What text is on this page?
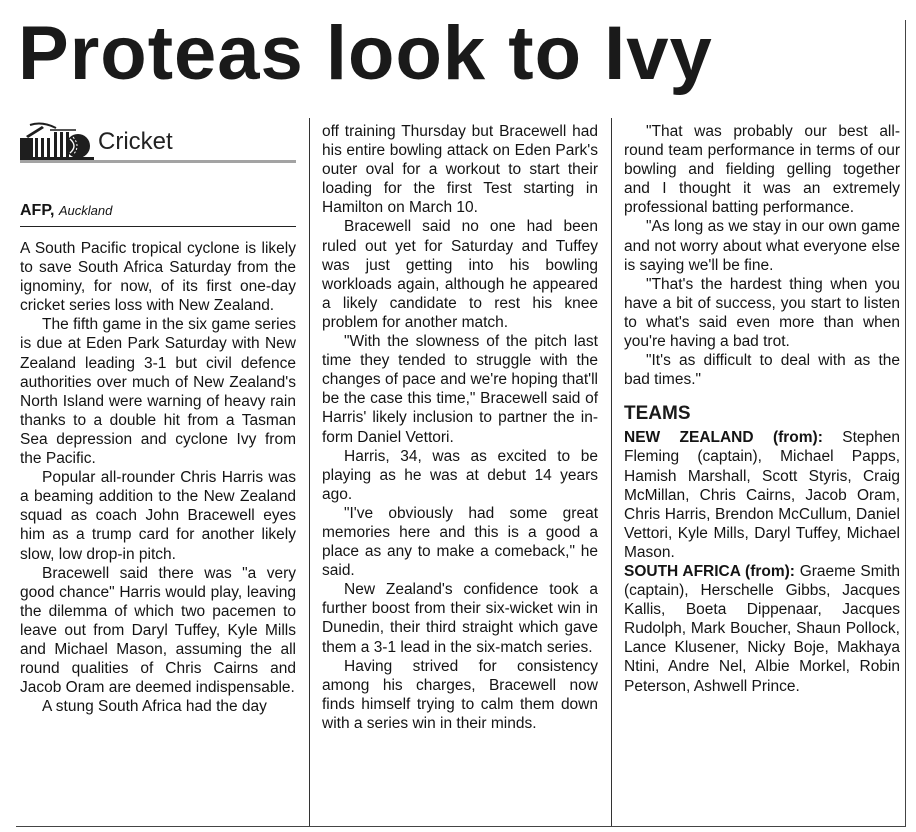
Proteas look to Ivy
Cricket
AFP, Auckland

A South Pacific tropical cyclone is likely to save South Africa Saturday from the ignominy, for now, of its first one-day cricket series loss with New Zealand.

The fifth game in the six game series is due at Eden Park Saturday with New Zealand leading 3-1 but civil defence authorities over much of New Zealand's North Island were warning of heavy rain thanks to a double hit from a Tasman Sea depression and cyclone Ivy from the Pacific.

Popular all-rounder Chris Harris was a beaming addition to the New Zealand squad as coach John Bracewell eyes him as a trump card for another likely slow, low drop-in pitch.

Bracewell said there was "a very good chance" Harris would play, leaving the dilemma of which two pacemen to leave out from Daryl Tuffey, Kyle Mills and Michael Mason, assuming the all round qualities of Chris Cairns and Jacob Oram are deemed indispensable.

A stung South Africa had the day

off training Thursday but Bracewell had his entire bowling attack on Eden Park's outer oval for a workout to start their loading for the first Test starting in Hamilton on March 10.

Bracewell said no one had been ruled out yet for Saturday and Tuffey was just getting into his bowling workloads again, although he appeared a likely candidate to rest his knee problem for another match.

"With the slowness of the pitch last time they tended to struggle with the changes of pace and we're hoping that'll be the case this time," Bracewell said of Harris' likely inclusion to partner the in-form Daniel Vettori.

Harris, 34, was as excited to be playing as he was at debut 14 years ago.

"I've obviously had some great memories here and this is a good a place as any to make a comeback," he said.

New Zealand's confidence took a further boost from their six-wicket win in Dunedin, their third straight which gave them a 3-1 lead in the six-match series.

Having strived for consistency among his charges, Bracewell now finds himself trying to calm them down with a series win in their minds.

"That was probably our best all-round team performance in terms of our bowling and fielding gelling together and I thought it was an extremely professional batting performance.

"As long as we stay in our own game and not worry about what everyone else is saying we'll be fine.

"That's the hardest thing when you have a bit of success, you start to listen to what's said even more than when you're having a bad trot.

"It's as difficult to deal with as the bad times."

TEAMS

NEW ZEALAND (from): Stephen Fleming (captain), Michael Papps, Hamish Marshall, Scott Styris, Craig McMillan, Chris Cairns, Jacob Oram, Chris Harris, Brendon McCullum, Daniel Vettori, Kyle Mills, Daryl Tuffey, Michael Mason.

SOUTH AFRICA (from): Graeme Smith (captain), Herschelle Gibbs, Jacques Kallis, Boeta Dippenaar, Jacques Rudolph, Mark Boucher, Shaun Pollock, Lance Klusener, Nicky Boje, Makhaya Ntini, Andre Nel, Albie Morkel, Robin Peterson, Ashwell Prince.
